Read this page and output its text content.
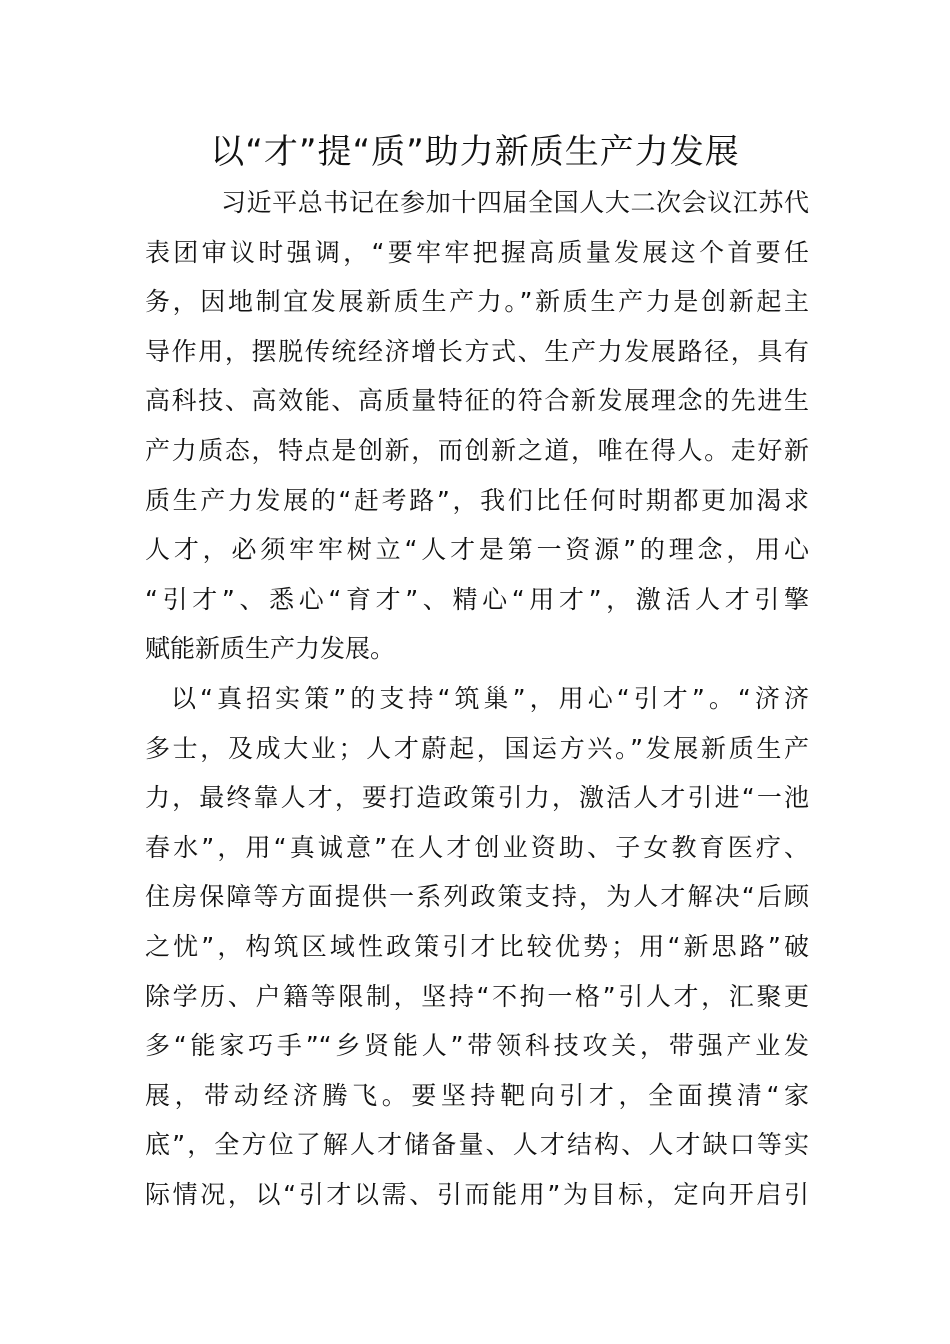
以“才”提“质”助力新质生产力发展

习近平总书记在参加十四届全国人大二次会议江苏代
表团审议时强调，“要牢牢把握高质量发展这个首要任
务，因地制宜发展新质生产力。”新质生产力是创新起主
导作用，摆脱传统经济增长方式、生产力发展路径，具有
高科技、高效能、高质量特征的符合新发展理念的先进生
产力质态，特点是创新，而创新之道，唯在得人。走好新
质生产力发展的“赶考路”，我们比任何时期都更加渴求
人才，必须牢牢树立“人才是第一资源”的理念，用心
“引才”、悉心“育才”、精心“用才”，激活人才引擎
赋能新质生产力发展。

以“真招实策”的支持“筑巢”，用心“引才”。“济济
多士，及成大业；人才蔚起，国运方兴。”发展新质生产
力，最终靠人才，要打造政策引力，激活人才引进“一池
春水”，用“真诚意”在人才创业资助、子女教育医疗、
住房保障等方面提供一系列政策支持，为人才解决“后顾
之忧”，构筑区域性政策引才比较优势；用“新思路”破
除学历、户籍等限制，坚持“不拘一格”引人才，汇聚更
多“能家巧手”“乡贤能人”带领科技攻关，带强产业发
展，带动经济腾飞。要坚持靶向引才，全面摸清“家
底”，全方位了解人才储备量、人才结构、人才缺口等实
际情况，以“引才以需、引而能用”为目标，定向开启引
